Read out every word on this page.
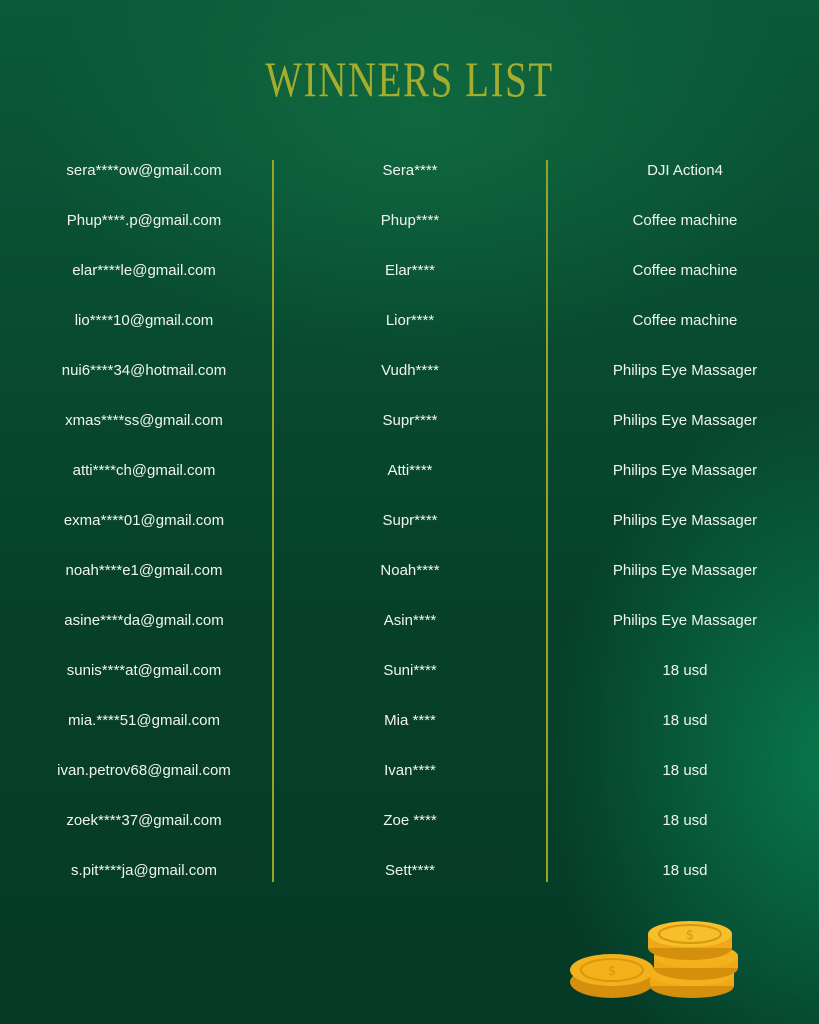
WINNERS LIST
sera****ow@gmail.com	Sera****	DJI Action4
Phup****.p@gmail.com	Phup****	Coffee machine
elar****le@gmail.com	Elar****	Coffee machine
lio****10@gmail.com	Lior****	Coffee machine
nui6****34@hotmail.com	Vudh****	Philips Eye Massager
xmas****ss@gmail.com	Supr****	Philips Eye Massager
atti****ch@gmail.com	Atti****	Philips Eye Massager
exma****01@gmail.com	Supr****	Philips Eye Massager
noah****e1@gmail.com	Noah****	Philips Eye Massager
asine****da@gmail.com	Asin****	Philips Eye Massager
sunis****at@gmail.com	Suni****	18 usd
mia.****51@gmail.com	Mia ****	18 usd
ivan.petrov68@gmail.com	Ivan****	18 usd
zoek****37@gmail.com	Zoe ****	18 usd
s.pit****ja@gmail.com	Sett****	18 usd
$
$
